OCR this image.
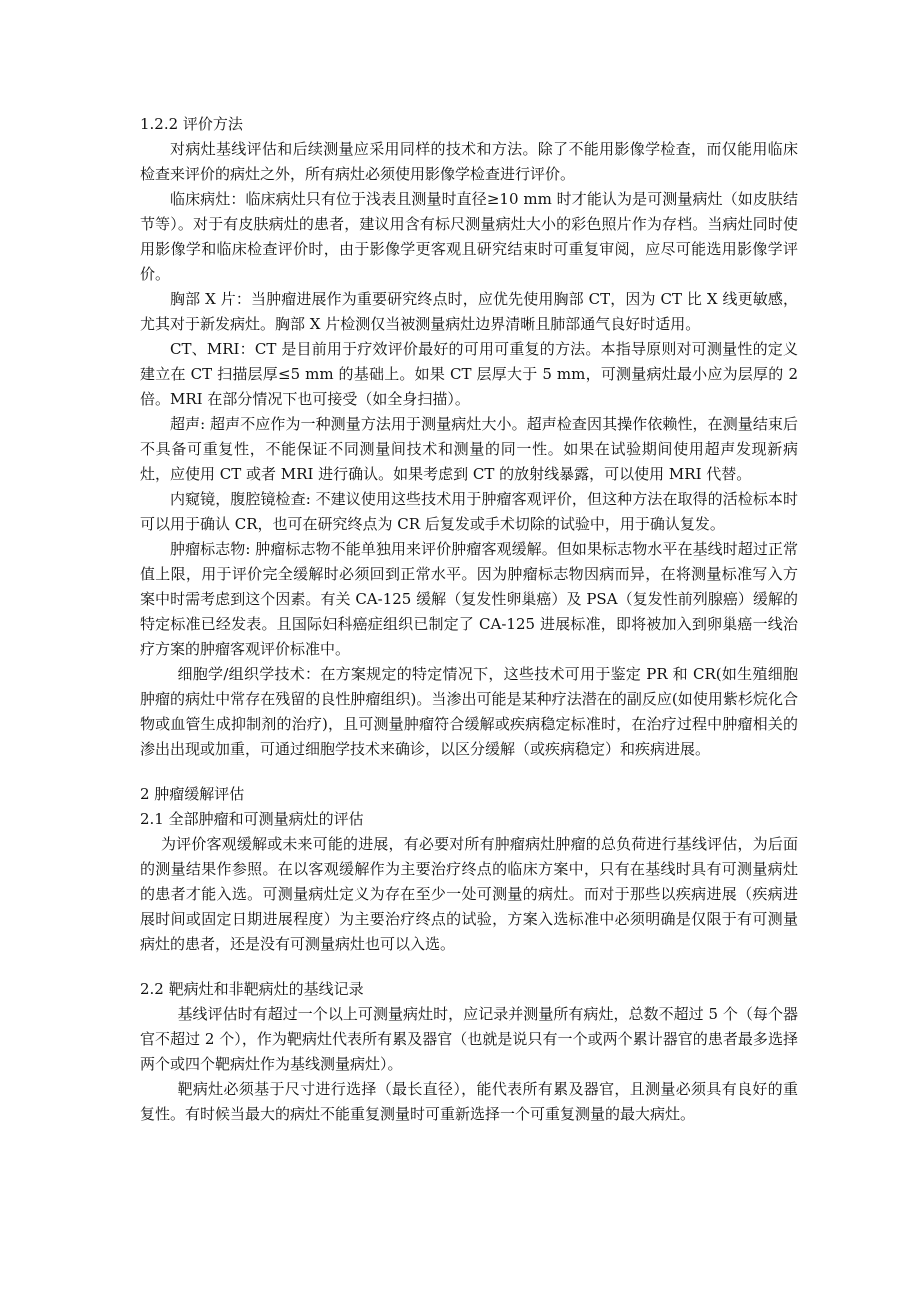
1.2.2 评价方法

对病灶基线评估和后续测量应采用同样的技术和方法。除了不能用影像学检查，而仅能用临床检查来评价的病灶之外，所有病灶必须使用影像学检查进行评价。

临床病灶：临床病灶只有位于浅表且测量时直径≥10 mm 时才能认为是可测量病灶（如皮肤结节等）。对于有皮肤病灶的患者，建议用含有标尺测量病灶大小的彩色照片作为存档。当病灶同时使用影像学和临床检查评价时，由于影像学更客观且研究结束时可重复审阅，应尽可能选用影像学评价。

胸部 X 片：当肿瘤进展作为重要研究终点时，应优先使用胸部 CT，因为 CT 比 X 线更敏感，尤其对于新发病灶。胸部 X 片检测仅当被测量病灶边界清晰且肺部通气良好时适用。

CT、MRI：CT 是目前用于疗效评价最好的可用可重复的方法。本指导原则对可测量性的定义建立在 CT 扫描层厚≤5 mm 的基础上。如果 CT 层厚大于 5 mm，可测量病灶最小应为层厚的 2 倍。MRI 在部分情况下也可接受（如全身扫描）。

超声: 超声不应作为一种测量方法用于测量病灶大小。超声检查因其操作依赖性，在测量结束后不具备可重复性，不能保证不同测量间技术和测量的同一性。如果在试验期间使用超声发现新病灶，应使用 CT 或者 MRI 进行确认。如果考虑到 CT 的放射线暴露，可以使用 MRI 代替。

内窥镜，腹腔镜检查: 不建议使用这些技术用于肿瘤客观评价，但这种方法在取得的活检标本时可以用于确认 CR，也可在研究终点为 CR 后复发或手术切除的试验中，用于确认复发。

肿瘤标志物: 肿瘤标志物不能单独用来评价肿瘤客观缓解。但如果标志物水平在基线时超过正常值上限，用于评价完全缓解时必须回到正常水平。因为肿瘤标志物因病而异，在将测量标准写入方案中时需考虑到这个因素。有关 CA-125 缓解（复发性卵巢癌）及 PSA（复发性前列腺癌）缓解的特定标准已经发表。且国际妇科癌症组织已制定了 CA-125 进展标准，即将被加入到卵巢癌一线治疗方案的肿瘤客观评价标准中。

细胞学/组织学技术：在方案规定的特定情况下，这些技术可用于鉴定 PR 和 CR(如生殖细胞肿瘤的病灶中常存在残留的良性肿瘤组织)。当渗出可能是某种疗法潜在的副反应(如使用紫杉烷化合物或血管生成抑制剂的治疗)，且可测量肿瘤符合缓解或疾病稳定标准时，在治疗过程中肿瘤相关的渗出出现或加重，可通过细胞学技术来确诊，以区分缓解（或疾病稳定）和疾病进展。

2 肿瘤缓解评估

2.1 全部肿瘤和可测量病灶的评估

为评价客观缓解或未来可能的进展，有必要对所有肿瘤病灶肿瘤的总负荷进行基线评估，为后面的测量结果作参照。在以客观缓解作为主要治疗终点的临床方案中，只有在基线时具有可测量病灶的患者才能入选。可测量病灶定义为存在至少一处可测量的病灶。而对于那些以疾病进展（疾病进展时间或固定日期进展程度）为主要治疗终点的试验，方案入选标准中必须明确是仅限于有可测量病灶的患者，还是没有可测量病灶也可以入选。

2.2 靶病灶和非靶病灶的基线记录

基线评估时有超过一个以上可测量病灶时，应记录并测量所有病灶，总数不超过 5 个（每个器官不超过 2 个），作为靶病灶代表所有累及器官（也就是说只有一个或两个累计器官的患者最多选择两个或四个靶病灶作为基线测量病灶）。

靶病灶必须基于尺寸进行选择（最长直径），能代表所有累及器官，且测量必须具有良好的重复性。有时候当最大的病灶不能重复测量时可重新选择一个可重复测量的最大病灶。
